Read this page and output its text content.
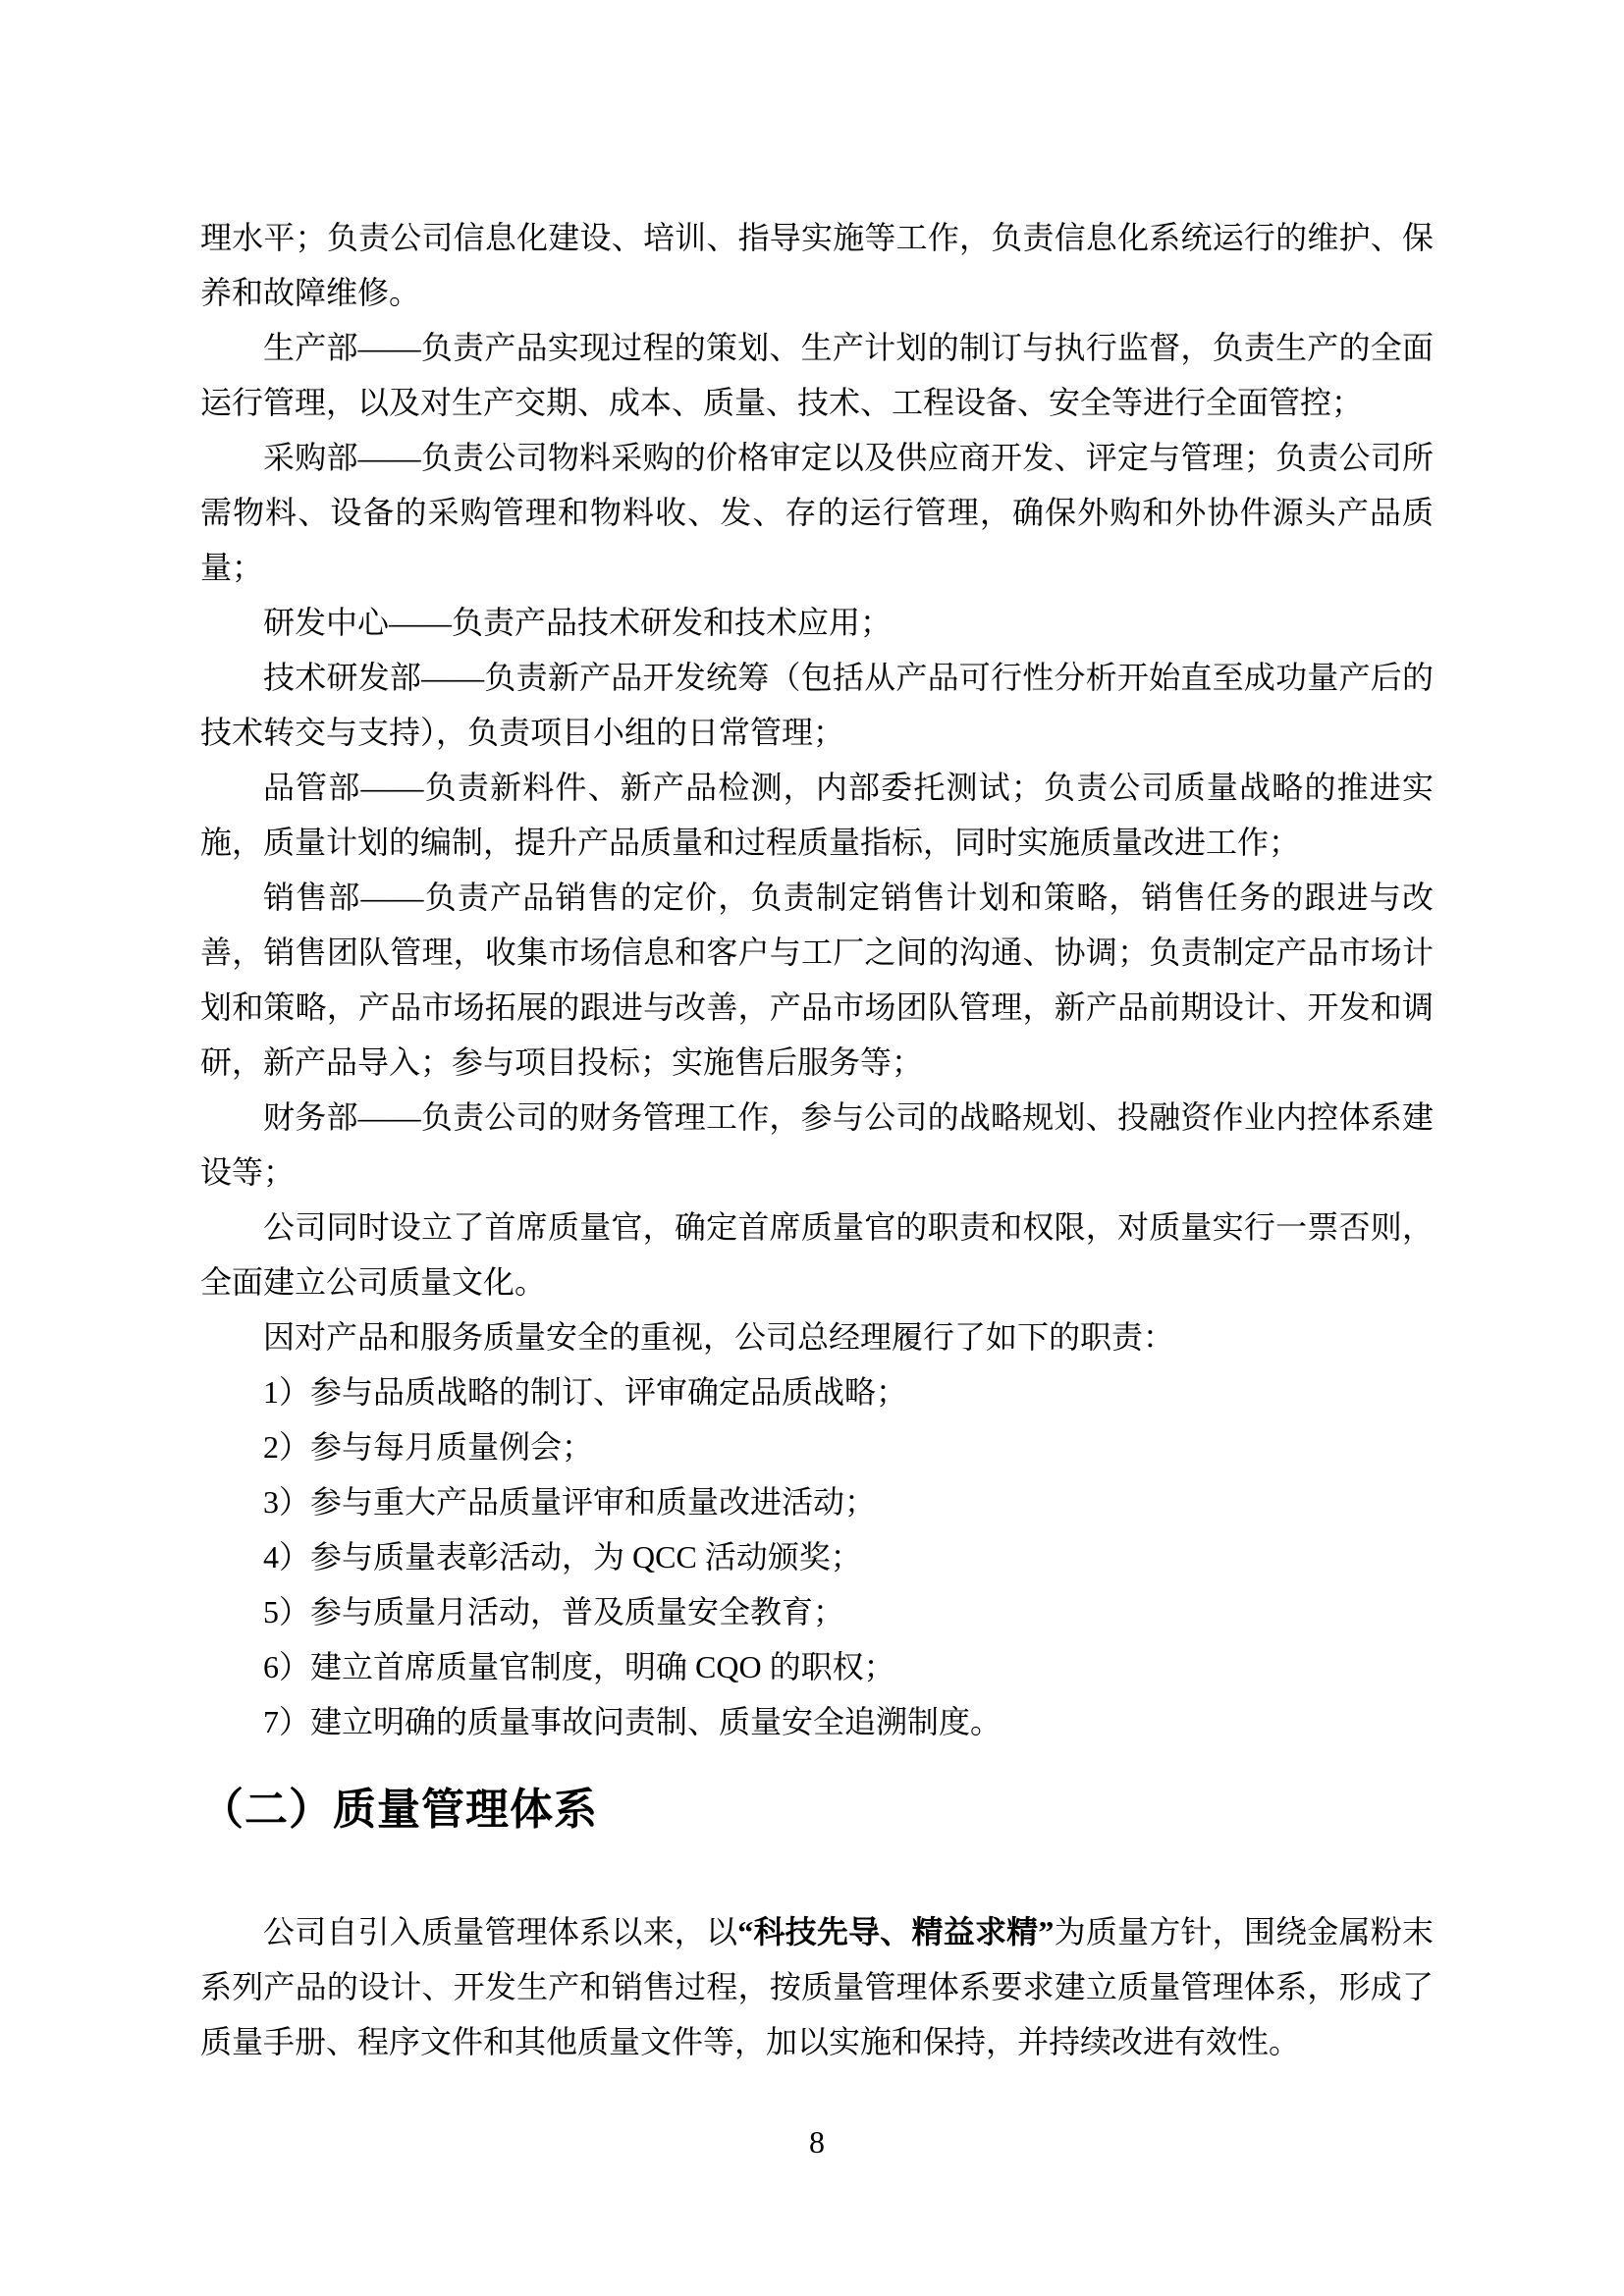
理水平；负责公司信息化建设、培训、指导实施等工作，负责信息化系统运行的维护、保养和故障维修。

生产部——负责产品实现过程的策划、生产计划的制订与执行监督，负责生产的全面运行管理，以及对生产交期、成本、质量、技术、工程设备、安全等进行全面管控；

采购部——负责公司物料采购的价格审定以及供应商开发、评定与管理；负责公司所需物料、设备的采购管理和物料收、发、存的运行管理，确保外购和外协件源头产品质量；

研发中心——负责产品技术研发和技术应用；

技术研发部——负责新产品开发统筹（包括从产品可行性分析开始直至成功量产后的技术转交与支持），负责项目小组的日常管理；

品管部——负责新料件、新产品检测，内部委托测试；负责公司质量战略的推进实施，质量计划的编制，提升产品质量和过程质量指标，同时实施质量改进工作；

销售部——负责产品销售的定价，负责制定销售计划和策略，销售任务的跟进与改善，销售团队管理，收集市场信息和客户与工厂之间的沟通、协调；负责制定产品市场计划和策略，产品市场拓展的跟进与改善，产品市场团队管理，新产品前期设计、开发和调研，新产品导入；参与项目投标；实施售后服务等；

财务部——负责公司的财务管理工作，参与公司的战略规划、投融资作业内控体系建设等；

公司同时设立了首席质量官，确定首席质量官的职责和权限，对质量实行一票否则，全面建立公司质量文化。

因对产品和服务质量安全的重视，公司总经理履行了如下的职责：

1）参与品质战略的制订、评审确定品质战略；

2）参与每月质量例会；

3）参与重大产品质量评审和质量改进活动；

4）参与质量表彰活动，为 QCC 活动颁奖；

5）参与质量月活动，普及质量安全教育；

6）建立首席质量官制度，明确 CQO 的职权；

7）建立明确的质量事故问责制、质量安全追溯制度。

（二）质量管理体系

公司自引入质量管理体系以来，以“科技先导、精益求精”为质量方针，围绕金属粉末系列产品的设计、开发生产和销售过程，按质量管理体系要求建立质量管理体系，形成了质量手册、程序文件和其他质量文件等，加以实施和保持，并持续改进有效性。

8
